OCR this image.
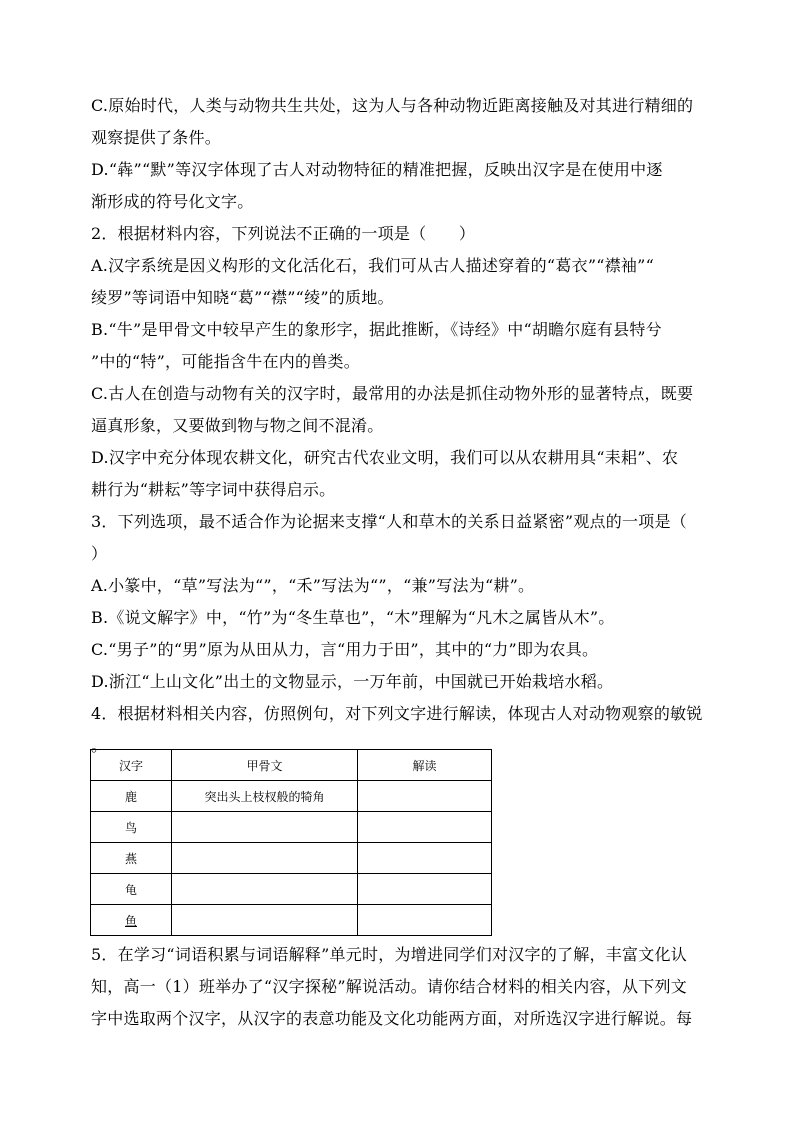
C.原始时代，人类与动物共生共处，这为人与各种动物近距离接触及对其进行精细的
观察提供了条件。
D.“犇”“默”等汉字体现了古人对动物特征的精准把握，反映出汉字是在使用中逐
渐形成的符号化文字。
2．根据材料内容，下列说法不正确的一项是（　　）
A.汉字系统是因义构形的文化活化石，我们可从古人描述穿着的“葛衣”“襟袖”“
绫罗”等词语中知晓“葛”“襟”“绫”的质地。
B.“牛”是甲骨文中较早产生的象形字，据此推断，《诗经》中“胡瞻尔庭有县特兮
”中的“特”，可能指含牛在内的兽类。
C.古人在创造与动物有关的汉字时，最常用的办法是抓住动物外形的显著特点，既要
逼真形象，又要做到物与物之间不混淆。
D.汉字中充分体现农耕文化，研究古代农业文明，我们可以从农耕用具“耒耜”、农
耕行为“耕耘”等字词中获得启示。
3．下列选项，最不适合作为论据来支撑“人和草木的关系日益紧密”观点的一项是（
）
A.小篆中，“草”写法为“”，“禾”写法为“”，“兼”写法为“耕”。
B.《说文解字》中，“竹”为“冬生草也”，“木”理解为“凡木之属皆从木”。
C.“男子”的“男”原为从田从力，言“用力于田”，其中的“力”即为农具。
D.浙江“上山文化”出土的文物显示，一万年前，中国就已开始栽培水稻。
4．根据材料相关内容，仿照例句，对下列文字进行解读，体现古人对动物观察的敏锐
。
汉字	甲骨文	解读
鹿	突出头上枝杈般的犄角	
鸟		
燕		
龟		
鱼		
5．在学习“词语积累与词语解释”单元时，为增进同学们对汉字的了解，丰富文化认
知，高一（1）班举办了“汉字探秘”解说活动。请你结合材料的相关内容，从下列文
字中选取两个汉字，从汉字的表意功能及文化功能两方面，对所选汉字进行解说。每
